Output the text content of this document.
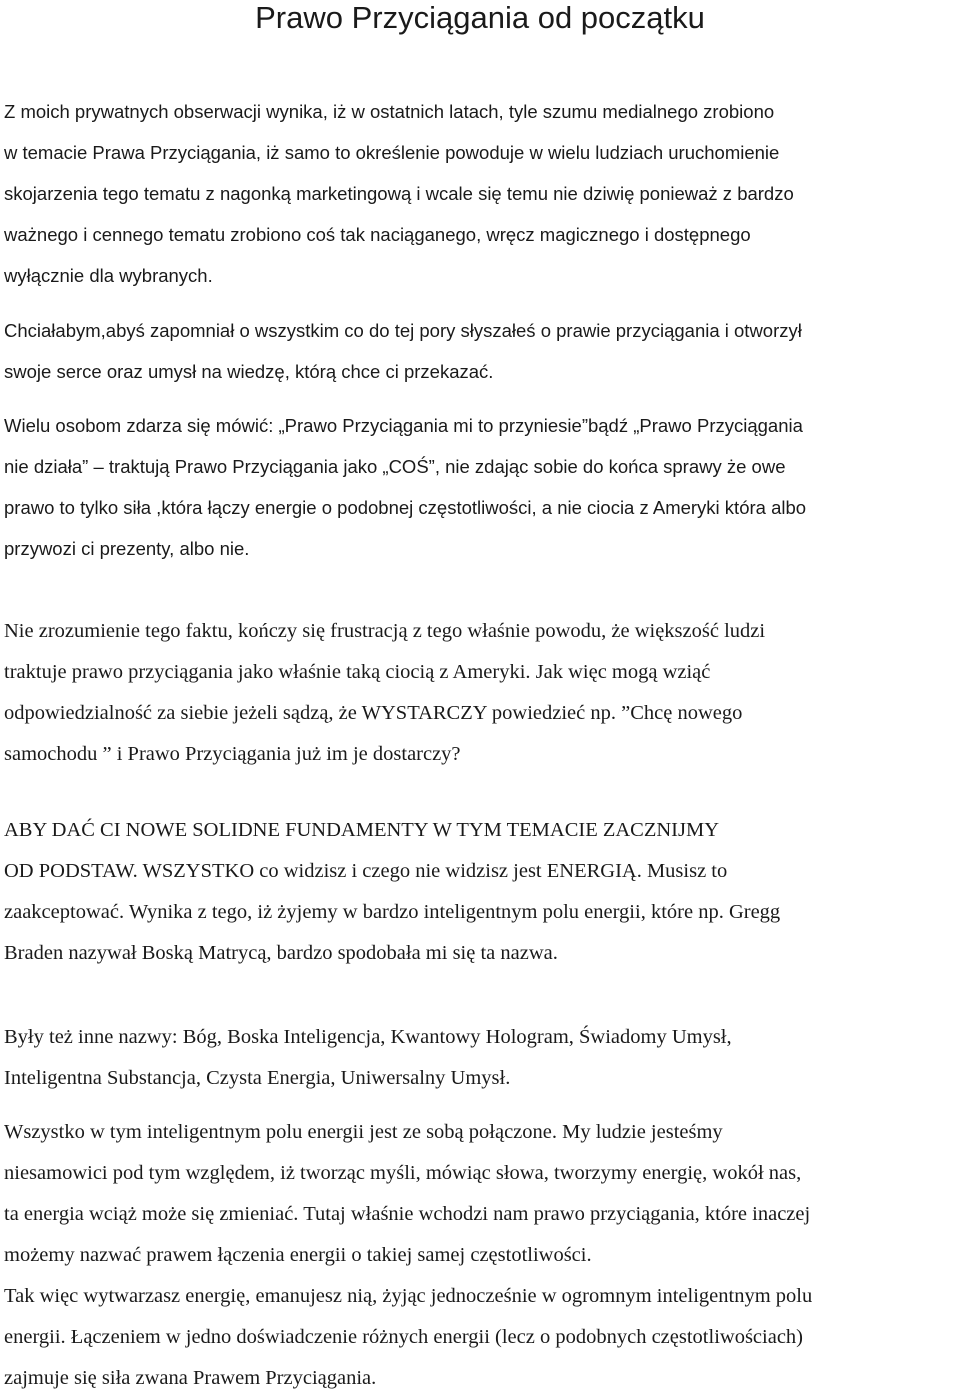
Prawo Przyciągania od początku
Z moich prywatnych obserwacji wynika, iż w ostatnich latach, tyle szumu medialnego zrobiono
w temacie Prawa Przyciągania, iż samo to określenie powoduje w wielu ludziach uruchomienie
skojarzenia tego tematu z nagonką marketingową i wcale się temu nie dziwię ponieważ z bardzo
ważnego i cennego tematu zrobiono coś tak naciąganego, wręcz magicznego i dostępnego
wyłącznie dla wybranych.
Chciałabym,abyś zapomniał o wszystkim co do tej pory słyszałeś o prawie przyciągania i otworzył
swoje serce oraz umysł na wiedzę, którą chce ci przekazać.
Wielu osobom zdarza się mówić: „Prawo Przyciągania mi to przyniesie”bądź „Prawo Przyciągania
nie działa” – traktują Prawo Przyciągania jako „COŚ”, nie zdając sobie do końca sprawy że owe
prawo to tylko siła ,która łączy energie o podobnej częstotliwości, a nie ciocia z Ameryki która albo
przywozi ci prezenty, albo nie.
Nie zrozumienie tego faktu, kończy się frustracją z tego właśnie powodu, że większość ludzi
traktuje prawo przyciągania jako właśnie taką ciocią z Ameryki. Jak więc mogą wziąć
odpowiedzialność za siebie jeżeli sądzą, że WYSTARCZY powiedzieć np. ”Chcę nowego
samochodu ” i Prawo Przyciągania już im je dostarczy?
ABY DAĆ CI NOWE SOLIDNE FUNDAMENTY W TYM TEMACIE ZACZNIJMY
OD PODSTAW. WSZYSTKO co widzisz i czego nie widzisz jest ENERGIĄ. Musisz to
zaakceptować. Wynika z tego, iż żyjemy w bardzo inteligentnym polu energii, które np. Gregg
Braden nazywał Boską Matrycą, bardzo spodobała mi się ta nazwa.
Były też inne nazwy: Bóg, Boska Inteligencja, Kwantowy Hologram, Świadomy Umysł,
Inteligentna Substancja, Czysta Energia, Uniwersalny Umysł.
Wszystko w tym inteligentnym polu energii jest ze sobą połączone. My ludzie jesteśmy
niesamowici pod tym względem, iż tworząc myśli, mówiąc słowa, tworzymy energię, wokół nas,
ta energia wciąż może się zmieniać. Tutaj właśnie wchodzi nam prawo przyciągania, które inaczej
możemy nazwać prawem łączenia energii o takiej samej częstotliwości.
Tak więc wytwarzasz energię, emanujesz nią, żyjąc jednocześnie w ogromnym inteligentnym polu
energii. Łączeniem w jedno doświadczenie różnych energii (lecz o podobnych częstotliwościach)
zajmuje się siła zwana Prawem Przyciągania.
